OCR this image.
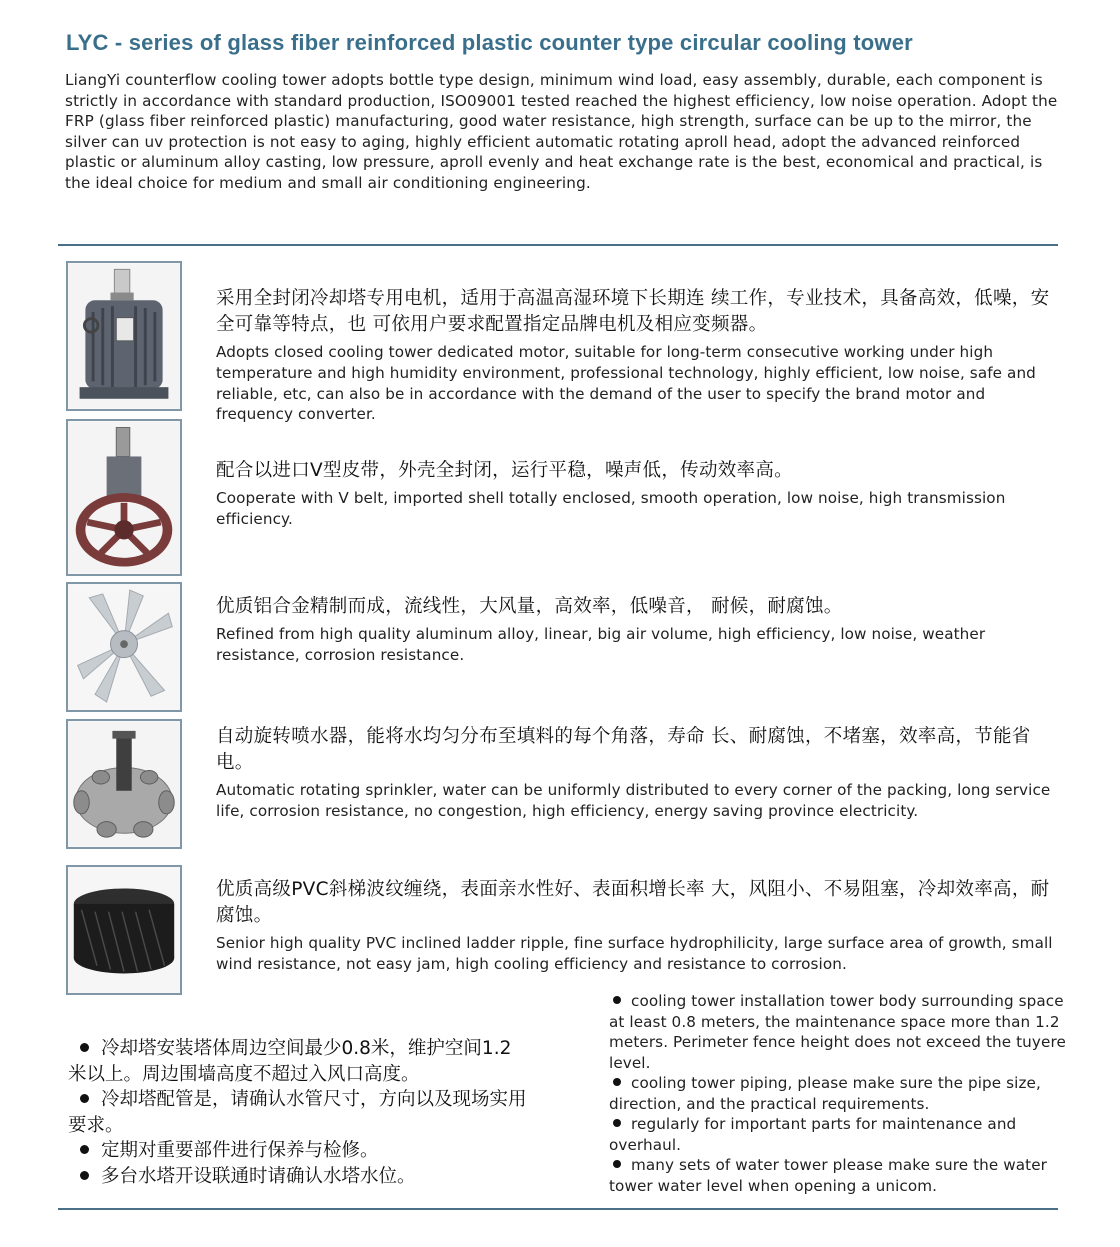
LYC - series of glass fiber reinforced plastic counter type circular cooling tower
LiangYi counterflow cooling tower adopts bottle type design, minimum wind load, easy assembly, durable, each component is strictly in accordance with standard production, ISO09001 tested reached the highest efficiency, low noise operation. Adopt the FRP (glass fiber reinforced plastic) manufacturing, good water resistance, high strength, surface can be up to the mirror, the silver can uv protection is not easy to aging, highly efficient automatic rotating aproll head, adopt the advanced reinforced plastic or aluminum alloy casting, low pressure, aproll evenly and heat exchange rate is the best, economical and practical, is the ideal choice for medium and small air conditioning engineering.
采用全封闭冷却塔专用电机，适用于高温高湿环境下长期连 续工作，专业技术，具备高效，低噪，安全可靠等特点，也 可依用户要求配置指定品牌电机及相应变频器。
Adopts closed cooling tower dedicated motor, suitable for long-term consecutive working under high temperature and high humidity environment, professional technology, highly efficient, low noise, safe and reliable, etc, can also be in accordance with the demand of the user to specify the brand motor and frequency converter.
配合以进口V型皮带，外壳全封闭，运行平稳，噪声低，传动效率高。
Cooperate with V belt, imported shell totally enclosed, smooth operation, low noise, high transmission efficiency.
优质铝合金精制而成，流线性，大风量，高效率，低噪音， 耐候，耐腐蚀。
Refined from high quality aluminum alloy, linear, big air volume, high efficiency, low noise, weather resistance, corrosion resistance.
自动旋转喷水器，能将水均匀分布至填料的每个角落，寿命 长、耐腐蚀，不堵塞，效率高，节能省电。
Automatic rotating sprinkler, water can be uniformly distributed to every corner of the packing, long service life, corrosion resistance, no congestion, high efficiency, energy saving province electricity.
优质高级PVC斜梯波纹缠绕，表面亲水性好、表面积增长率 大，风阻小、不易阻塞，冷却效率高，耐腐蚀。
Senior high quality PVC inclined ladder ripple, fine surface hydrophilicity, large surface area of growth, small wind resistance, not easy jam, high cooling efficiency and resistance to corrosion.

冷却塔安装塔体周边空间最少0.8米，维护空间1.2米以上。周边围墙高度不超过入风口高度。

冷却塔配管是，请确认水管尺寸，方向以及现场实用要求。

定期对重要部件进行保养与检修。

多台水塔开设联通时请确认水塔水位。

cooling tower installation tower body surrounding space at least 0.8 meters, the maintenance space more than 1.2 meters. Perimeter fence height does not exceed the tuyere level.

cooling tower piping, please make sure the pipe size, direction, and the practical requirements.

regularly for important parts for maintenance and overhaul.

many sets of water tower please make sure the water tower water level when opening a unicom.
